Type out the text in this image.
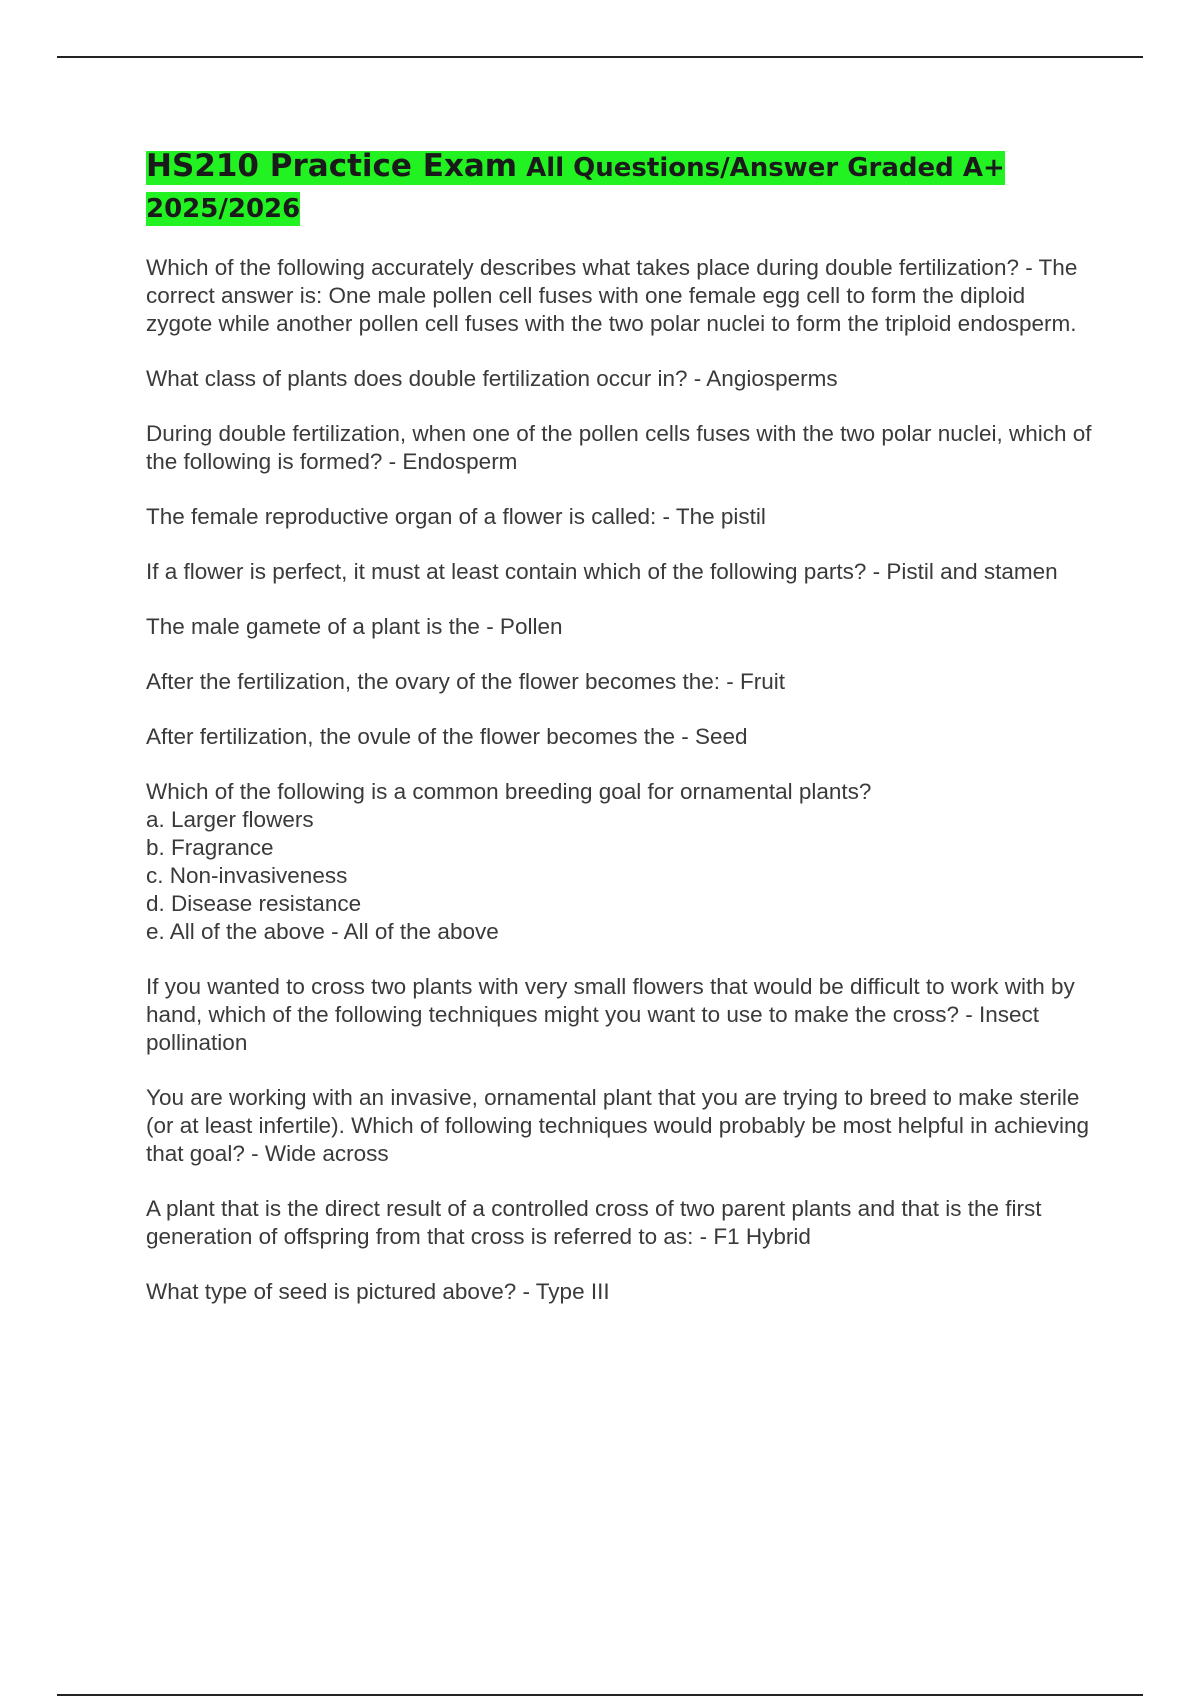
HS210 Practice Exam All Questions/Answer Graded A+ 2025/2026

Which of the following accurately describes what takes place during double fertilization? - The correct answer is: One male pollen cell fuses with one female egg cell to form the diploid zygote while another pollen cell fuses with the two polar nuclei to form the triploid endosperm.

What class of plants does double fertilization occur in? - Angiosperms

During double fertilization, when one of the pollen cells fuses with the two polar nuclei, which of the following is formed? - Endosperm

The female reproductive organ of a flower is called: - The pistil

If a flower is perfect, it must at least contain which of the following parts? - Pistil and stamen

The male gamete of a plant is the - Pollen

After the fertilization, the ovary of the flower becomes the: - Fruit

After fertilization, the ovule of the flower becomes the - Seed

Which of the following is a common breeding goal for ornamental plants?
a. Larger flowers
b. Fragrance
c. Non-invasiveness
d. Disease resistance
e. All of the above - All of the above

If you wanted to cross two plants with very small flowers that would be difficult to work with by hand, which of the following techniques might you want to use to make the cross? - Insect pollination

You are working with an invasive, ornamental plant that you are trying to breed to make sterile (or at least infertile). Which of following techniques would probably be most helpful in achieving that goal? - Wide across

A plant that is the direct result of a controlled cross of two parent plants and that is the first generation of offspring from that cross is referred to as: - F1 Hybrid

What type of seed is pictured above? - Type III
